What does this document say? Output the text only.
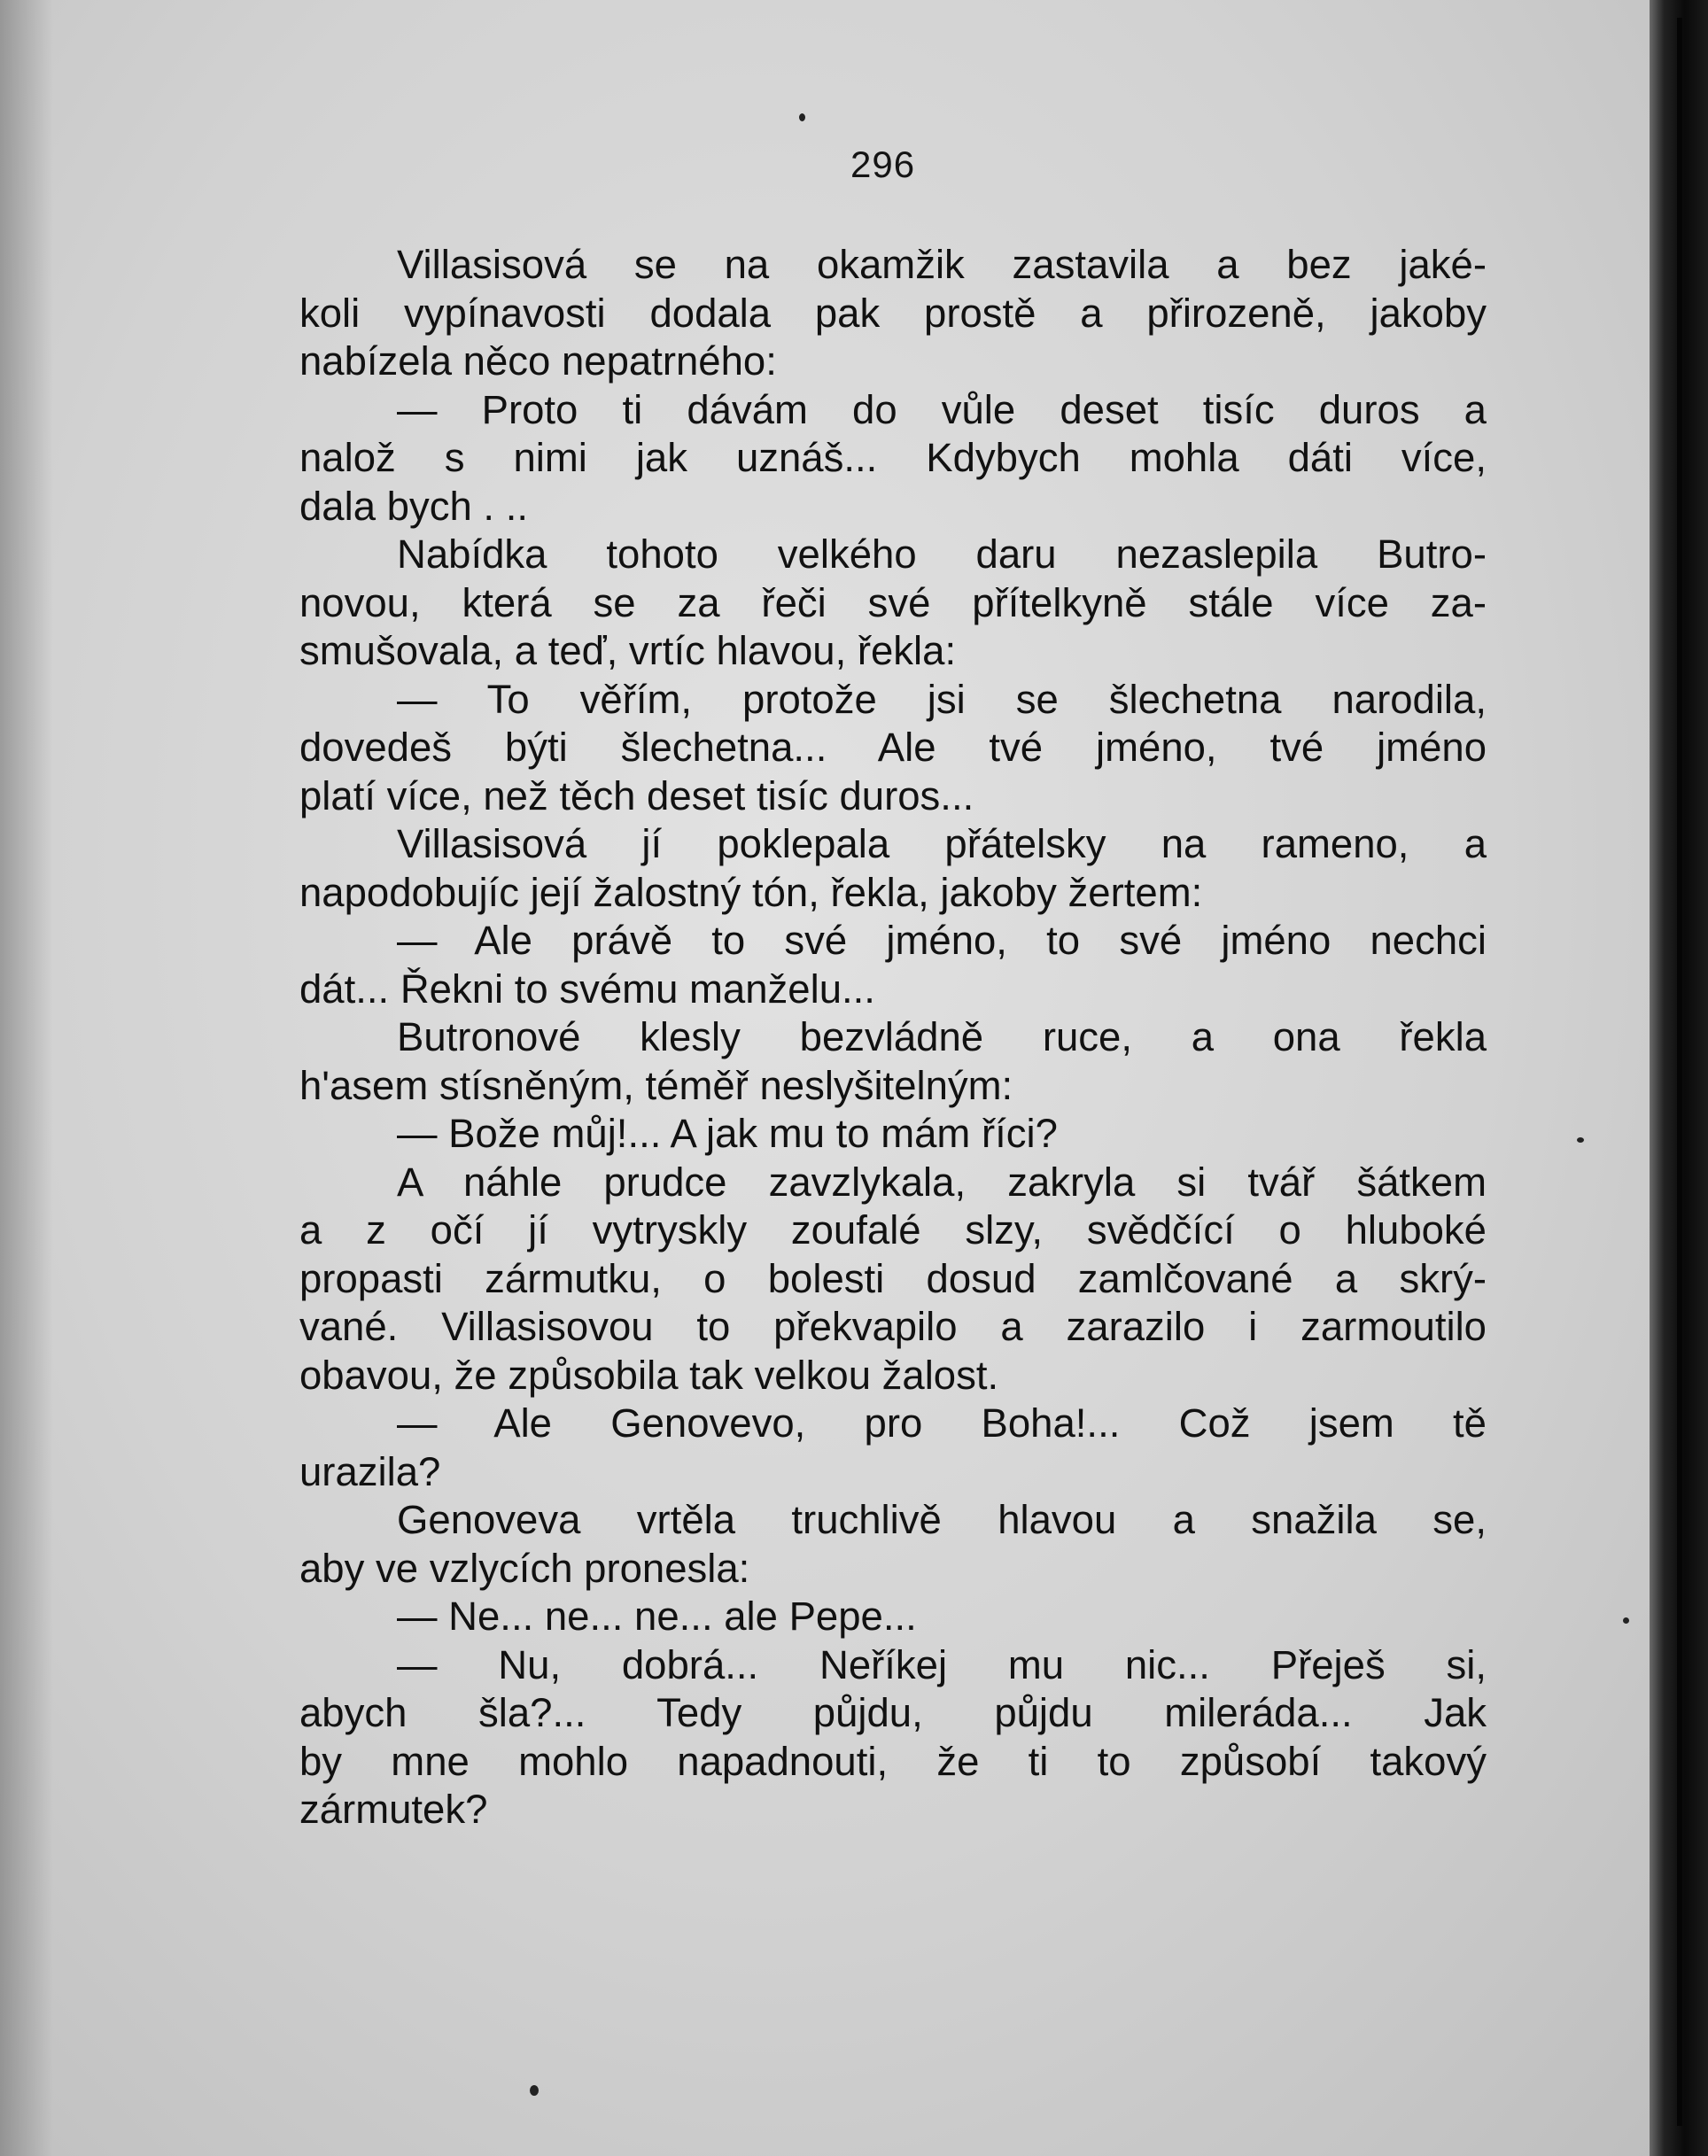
296
Villasisová se na okamžik zastavila a bez jaké-
koli vypínavosti dodala pak prostě a přirozeně, jakoby
nabízela něco nepatrného:
— Proto ti dávám do vůle deset tisíc duros a
nalož s nimi jak uznáš... Kdybych mohla dáti více,
dala bych . ..
Nabídka tohoto velkého daru nezaslepila Butro-
novou, která se za řeči své přítelkyně stále více za-
smušovala, a teď, vrtíc hlavou, řekla:
— To věřím, protože jsi se šlechetna narodila,
dovedeš býti šlechetna... Ale tvé jméno, tvé jméno
platí více, než těch deset tisíc duros...
Villasisová jí poklepala přátelsky na rameno, a
napodobujíc její žalostný tón, řekla, jakoby žertem:
— Ale právě to své jméno, to své jméno nechci
dát... Řekni to svému manželu...
Butronové klesly bezvládně ruce, a ona řekla
h'asem stísněným, téměř neslyšitelným:
— Bože můj!... A jak mu to mám říci?
A náhle prudce zavzlykala, zakryla si tvář šátkem
a z očí jí vytryskly zoufalé slzy, svědčící o hluboké
propasti zármutku, o bolesti dosud zamlčované a skrý-
vané. Villasisovou to překvapilo a zarazilo i zarmoutilo
obavou, že způsobila tak velkou žalost.
— Ale Genovevo, pro Boha!... Což jsem tě
urazila?
Genoveva vrtěla truchlivě hlavou a snažila se,
aby ve vzlycích pronesla:
— Ne... ne... ne... ale Pepe...
— Nu, dobrá... Neříkej mu nic... Přeješ si,
abych šla?... Tedy půjdu, půjdu mileráda... Jak
by mne mohlo napadnouti, že ti to způsobí takový
zármutek?
